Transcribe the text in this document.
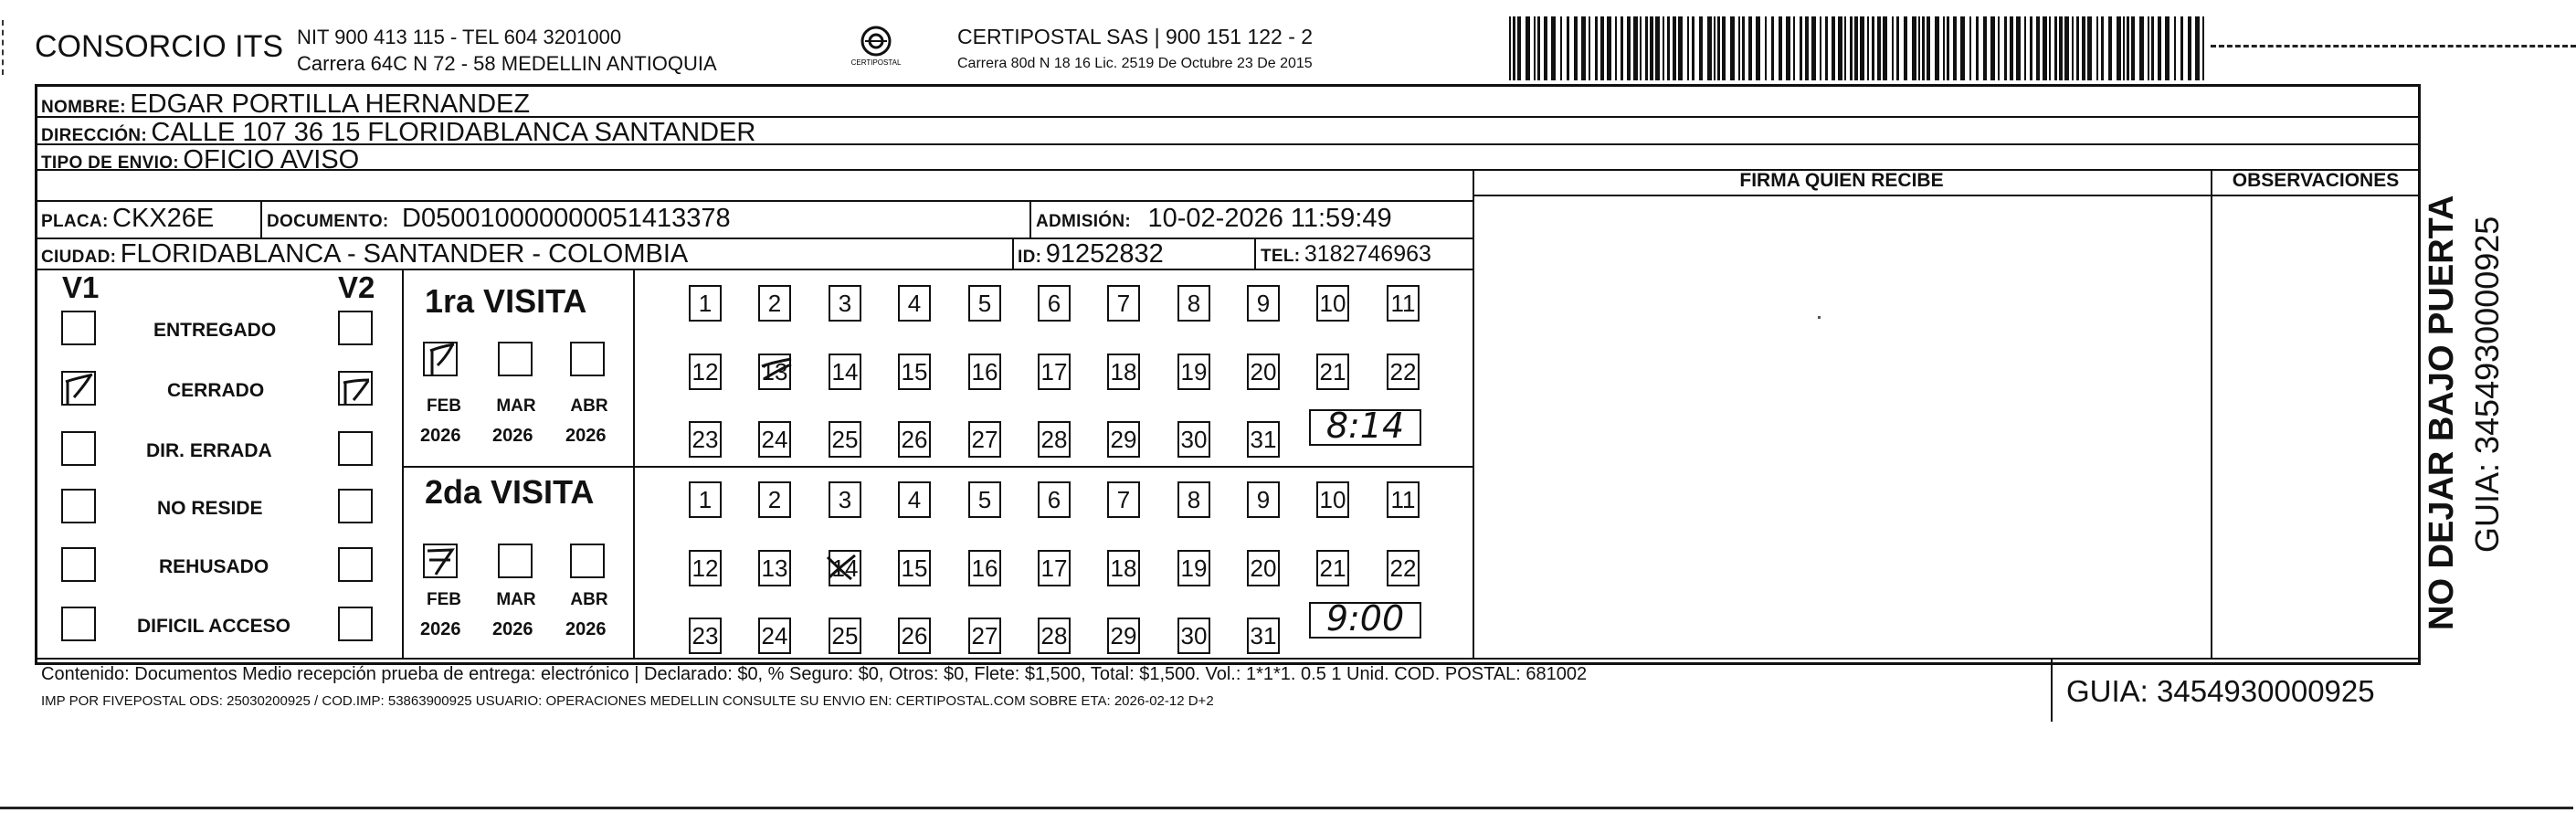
CONSORCIO ITS NIT 900 413 115 - TEL 604 3201000
Carrera 64C N 72 - 58 MEDELLIN ANTIOQUIA	CERTIPOSTAL
CERTIPOSTAL SAS | 900 151 122 - 2
Carrera 80d N 18 16 Lic. 2519 De Octubre 23 De 2015
NOMBRE: EDGAR PORTILLA HERNANDEZ
DIRECCIÓN: CALLE 107 36 15 FLORIDABLANCA SANTANDER
TIPO DE ENVIO: OFICIO AVISO
FIRMA QUIEN RECIBE	OBSERVACIONES
PLACA: CKX26E	DOCUMENTO: D050010000000051413378	ADMISIÓN: 10-02-2026 11:59:49
CIUDAD: FLORIDABLANCA - SANTANDER - COLOMBIA	ID: 91252832	TEL: 3182746963
V1	V2
ENTREGADO
CERRADO
DIR. ERRADA
NO RESIDE
REHUSADO
DIFICIL ACCESO
1ra VISITA
FEB MAR ABR
2026 2026 2026
2da VISITA
FEB MAR ABR
2026 2026 2026
1	2	3	4	5	6	7	8	9	10 11
12 13 14 15 16 17 18 19 20 21 22
23 24 25 26 27 28 29 30 31
1	2	3	4	5	6	7	8	9	10 11
12 13 14 15 16 17 18 19 20 21 22
23 24 25 26 27 28 29 30 31
8:14
9:00
Contenido: Documentos Medio recepción prueba de entrega: electrónico | Declarado: $0, % Seguro: $0, Otros: $0, Flete: $1,500, Total: $1,500. Vol.: 1*1*1. 0.5 1 Unid. COD. POSTAL: 681002
IMP POR FIVEPOSTAL ODS: 25030200925 / COD.IMP: 53863900925 USUARIO: OPERACIONES MEDELLIN CONSULTE SU ENVIO EN: CERTIPOSTAL.COM SOBRE ETA: 2026-02-12 D+2	GUIA: 3454930000925
NO DEJAR BAJO PUERTA GUIA: 3454930000925
